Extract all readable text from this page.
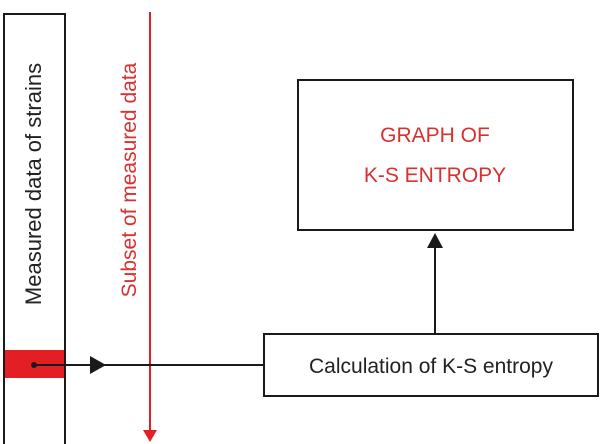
Measured data of strains	Subset of measured data	GRAPH OF
K-S ENTROPY
Calculation of K-S entropy
